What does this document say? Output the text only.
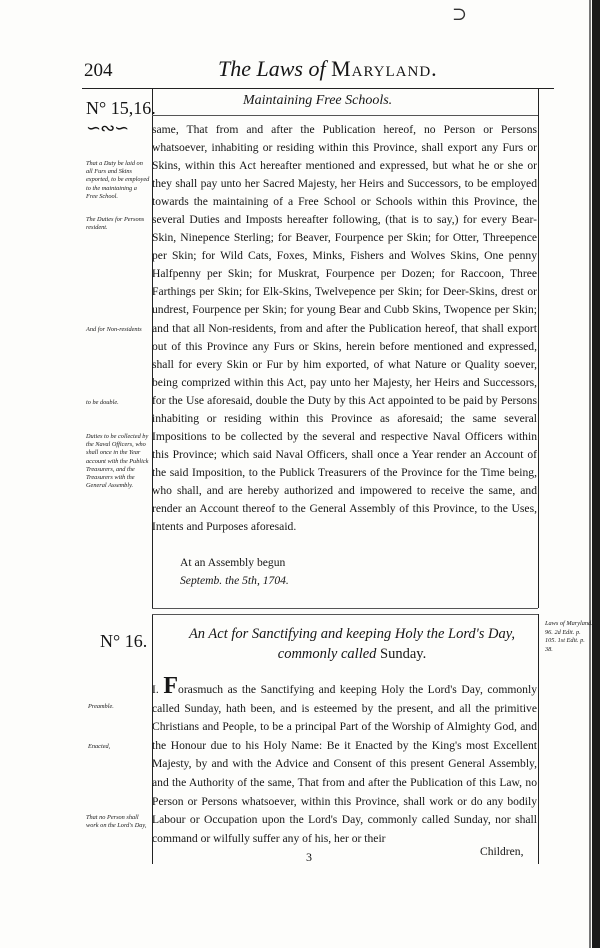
⊃
204	The Laws of Maryland.
N° 15,16.
∽∾∽
Maintaining Free Schools.
same, That from and after the Publication hereof, no Person or Persons whatsoever, inhabiting or residing within this Province, shall export any Furs or Skins, within this Act hereafter mentioned and expressed, but what he or she or they shall pay unto her Sacred Majesty, her Heirs and Successors, to be employed towards the maintaining of a Free School or Schools within this Province, the several Duties and Imposts hereafter following, (that is to say,) for every Bear-Skin, Ninepence Sterling; for Beaver, Fourpence per Skin; for Otter, Threepence per Skin; for Wild Cats, Foxes, Minks, Fishers and Wolves Skins, One penny Halfpenny per Skin; for Muskrat, Fourpence per Dozen; for Raccoon, Three Farthings per Skin; for Elk-Skins, Twelvepence per Skin; for Deer-Skins, drest or undrest, Fourpence per Skin; for young Bear and Cubb Skins, Twopence per Skin; and that all Non-residents, from and after the Publication hereof, that shall export out of this Province any Furs or Skins, herein before mentioned and expressed, shall for every Skin or Fur by him exported, of what Nature or Quality soever, being comprized within this Act, pay unto her Majesty, her Heirs and Successors, for the Use aforesaid, double the Duty by this Act appointed to be paid by Persons inhabiting or residing within this Province as aforesaid; the same several Impositions to be collected by the several and respective Naval Officers within this Province; which said Naval Officers, shall once a Year render an Account of the said Imposition, to the Publick Treasurers of the Province for the Time being, who shall, and are hereby authorized and impowered to receive the same, and render an Account thereof to the General Assembly of this Province, to the Uses, Intents and Purposes aforesaid.
At an Assembly begun
Septemb. the 5th, 1704.
That a Duty be laid on all Furs and Skins exported, to be employed to the maintaining a Free School.
The Duties for Persons resident.
And for Non-residents
to be double.
Duties to be collected by the Naval Officers, who shall once in the Year account with the Publick Treasurers, and the Treasurers with the General Assembly.
N° 16.	An Act for Sanctifying and keeping Holy the Lord's Day,
commonly called Sunday.
I. Forasmuch as the Sanctifying and keeping Holy the Lord's Day, commonly called Sunday, hath been, and is esteemed by the present, and all the primitive Christians and People, to be a principal Part of the Worship of Almighty God, and the Honour due to his Holy Name: Be it Enacted by the King's most Excellent Majesty, by and with the Advice and Consent of this present General Assembly, and the Authority of the same, That from and after the Publication of this Law, no Person or Persons whatsoever, within this Province, shall work or do any bodily Labour or Occupation upon the Lord's Day, commonly called Sunday, nor shall command or wilfully suffer any of his, her or their
Preamble.
Enacted,
That no Person shall work on the Lord's Day,
Laws of Maryland. 96. 2d Edit. p. 105. 1st Edit. p. 38.
3	Children,
